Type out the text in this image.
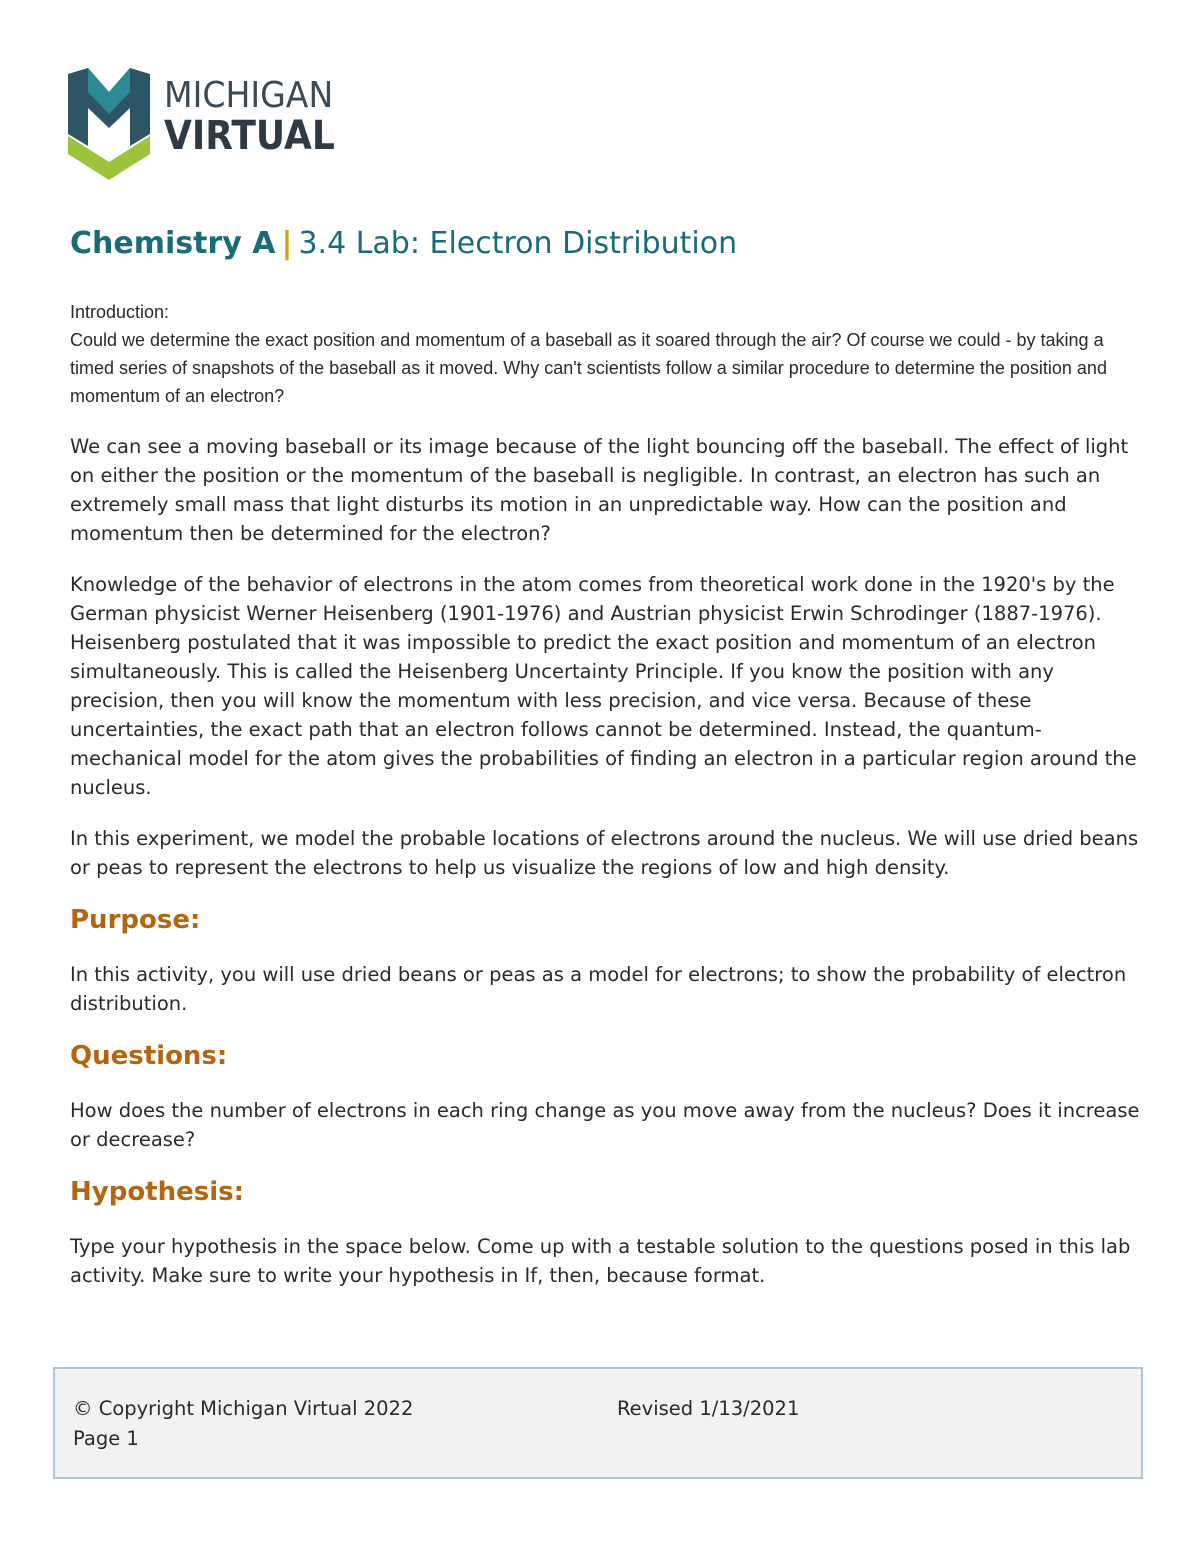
MICHIGAN
VIRTUAL
Chemistry A | 3.4 Lab: Electron Distribution

Introduction:

Could we determine the exact position and momentum of a baseball as it soared through the air? Of course we could - by taking a timed series of snapshots of the baseball as it moved. Why can't scientists follow a similar procedure to determine the position and momentum of an electron?

We can see a moving baseball or its image because of the light bouncing off the baseball. The effect of light on either the position or the momentum of the baseball is negligible. In contrast, an electron has such an extremely small mass that light disturbs its motion in an unpredictable way. How can the position and momentum then be determined for the electron?

Knowledge of the behavior of electrons in the atom comes from theoretical work done in the 1920's by the German physicist Werner Heisenberg (1901-1976) and Austrian physicist Erwin Schrodinger (1887-1976). Heisenberg postulated that it was impossible to predict the exact position and momentum of an electron simultaneously. This is called the Heisenberg Uncertainty Principle. If you know the position with any precision, then you will know the momentum with less precision, and vice versa. Because of these uncertainties, the exact path that an electron follows cannot be determined. Instead, the quantum-mechanical model for the atom gives the probabilities of finding an electron in a particular region around the nucleus.

In this experiment, we model the probable locations of electrons around the nucleus. We will use dried beans or peas to represent the electrons to help us visualize the regions of low and high density.

Purpose:

In this activity, you will use dried beans or peas as a model for electrons; to show the probability of electron distribution.

Questions:

How does the number of electrons in each ring change as you move away from the nucleus? Does it increase or decrease?

Hypothesis:

Type your hypothesis in the space below. Come up with a testable solution to the questions posed in this lab activity. Make sure to write your hypothesis in If, then, because format.

© Copyright Michigan Virtual 2022	Revised 1/13/2021
Page 1
